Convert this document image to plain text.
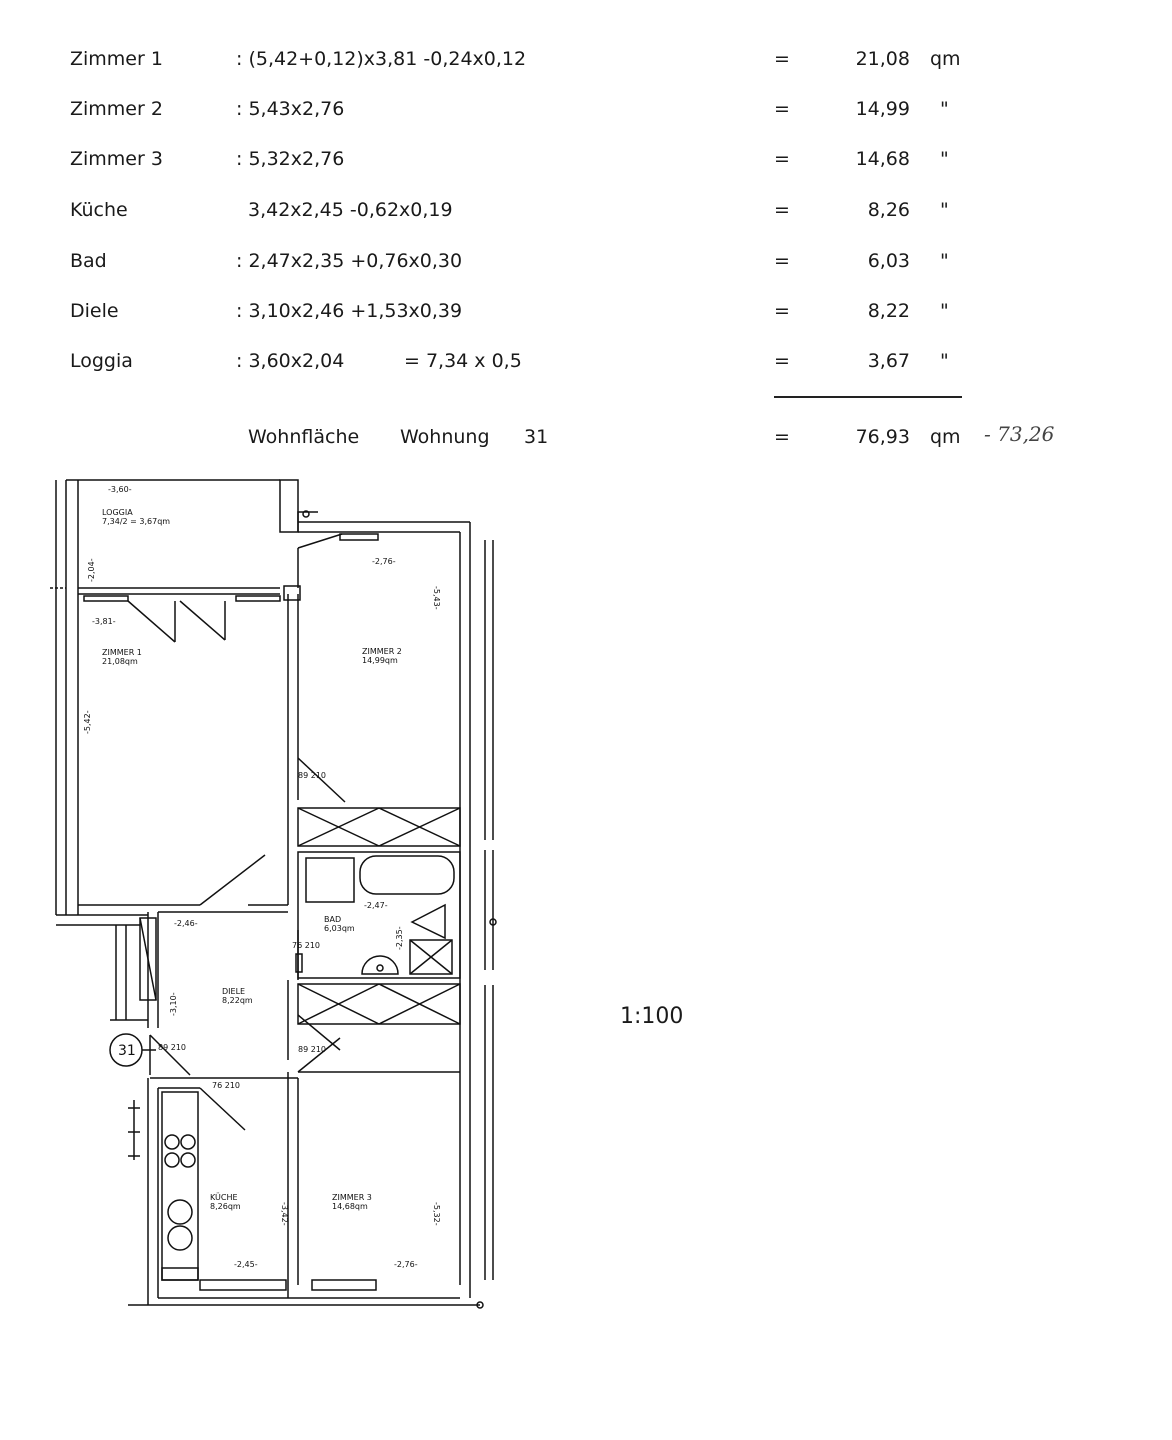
Zimmer 1	: (5,42+0,12)x3,81 -0,24x0,12	=	21,08 qm
Zimmer 2	: 5,43x2,76	=	14,99 "
Zimmer 3	: 5,32x2,76	=	14,68 "
Küche	3,42x2,45 -0,62x0,19	=	8,26 "
Bad	: 2,47x2,35 +0,76x0,30	=	6,03 "
Diele	: 3,10x2,46 +1,53x0,39	=	8,22 "
Loggia	: 3,60x2,04	= 7,34 x 0,5	=	3,67 "
Wohnfläche Wohnung 31	=	76,93 qm - 73,26
-3,60-
LOGGIA
7,34/2 = 3,67qm
-2,04-
-3,81-
ZIMMER 1
21,08qm
-5,42-
-2,76-
ZIMMER 2
14,99qm
-5,43-
89 210
BAD
6,03qm
-2,47-
-2,35-
-2,46-
DIELE
8,22qm
-3,10-
76 210
89 210	89 210
76 210
31
KÜCHE
8,26qm
-2,45-
-3,42-
ZIMMER 3
14,68qm
-2,76-
-5,32-
1:100
